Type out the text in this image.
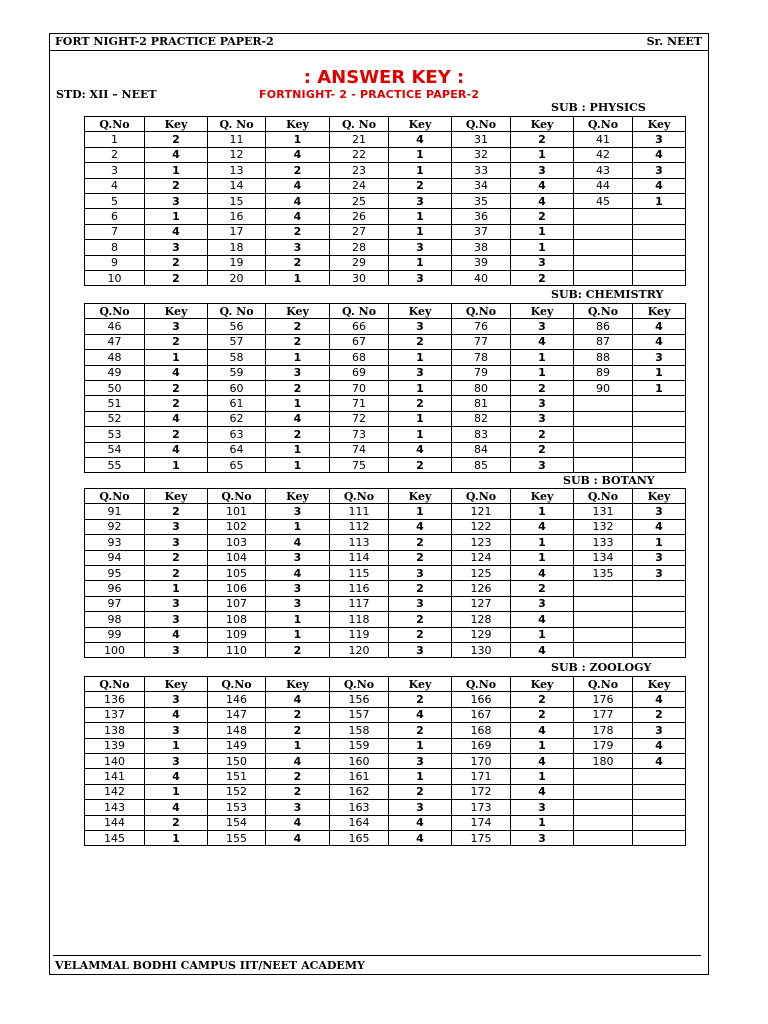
FORT NIGHT-2 PRACTICE PAPER-2	Sr. NEET
: ANSWER KEY :
STD: XII – NEET	FORTNIGHT- 2 - PRACTICE PAPER-2
SUB : PHYSICS
Q.No	Key	Q. No	Key	Q. No	Key	Q.No	Key	Q.No	Key
1	2	11	1	21	4	31	2	41	3
2	4	12	4	22	1	32	1	42	4
3	1	13	2	23	1	33	3	43	3
4	2	14	4	24	2	34	4	44	4
5	3	15	4	25	3	35	4	45	1
6	1	16	4	26	1	36	2		
7	4	17	2	27	1	37	1		
8	3	18	3	28	3	38	1		
9	2	19	2	29	1	39	3		
10	2	20	1	30	3	40	2		
SUB: CHEMISTRY
Q.No	Key	Q. No	Key	Q. No	Key	Q.No	Key	Q.No	Key
46	3	56	2	66	3	76	3	86	4
47	2	57	2	67	2	77	4	87	4
48	1	58	1	68	1	78	1	88	3
49	4	59	3	69	3	79	1	89	1
50	2	60	2	70	1	80	2	90	1
51	2	61	1	71	2	81	3		
52	4	62	4	72	1	82	3		
53	2	63	2	73	1	83	2		
54	4	64	1	74	4	84	2		
55	1	65	1	75	2	85	3		
SUB : BOTANY
Q.No	Key	Q.No	Key	Q.No	Key	Q.No	Key	Q.No	Key
91	2	101	3	111	1	121	1	131	3
92	3	102	1	112	4	122	4	132	4
93	3	103	4	113	2	123	1	133	1
94	2	104	3	114	2	124	1	134	3
95	2	105	4	115	3	125	4	135	3
96	1	106	3	116	2	126	2		
97	3	107	3	117	3	127	3		
98	3	108	1	118	2	128	4		
99	4	109	1	119	2	129	1		
100	3	110	2	120	3	130	4		
SUB : ZOOLOGY
Q.No	Key	Q.No	Key	Q.No	Key	Q.No	Key	Q.No	Key
136	3	146	4	156	2	166	2	176	4
137	4	147	2	157	4	167	2	177	2
138	3	148	2	158	2	168	4	178	3
139	1	149	1	159	1	169	1	179	4
140	3	150	4	160	3	170	4	180	4
141	4	151	2	161	1	171	1		
142	1	152	2	162	2	172	4		
143	4	153	3	163	3	173	3		
144	2	154	4	164	4	174	1		
145	1	155	4	165	4	175	3		
VELAMMAL BODHI CAMPUS IIT/NEET ACADEMY
